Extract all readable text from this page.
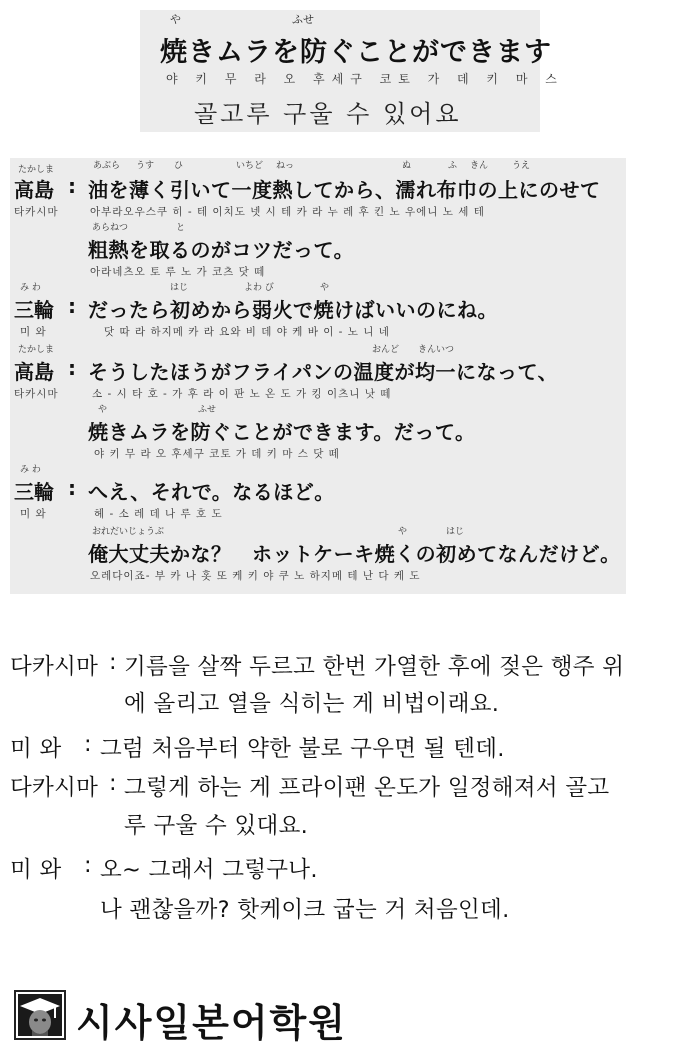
や	ふせ
焼きムラを防ぐことができます
야 키 무 라 오 후세구 코토 가 데 키 마 스
골고루 구울 수 있어요
たかしま	あぶら うす ひ	いちど ねっ	ぬ	ふ きん	うえ
高島 : 油を薄く引いて一度熱してから、濡れ布巾の上にのせて
타카시마	아부라오우스쿠 히 - 테 이치도 넷 시 테 카 라 누 레 후 킨 노 우에니 노 세 테
あらねつ	と
粗熱を取るのがコツだって。
아라네츠오 토 루 노 가 코츠 닷 떼
み わ	はじ	よわ び	や
三輪 : だったら初めから弱火で焼けばいいのにね。
미 와	닷 따 라 하지메 카 라 요와 비 데 야 케 바 이 - 노 니 네
たかしま	おんど きんいつ
高島 : そうしたほうがフライパンの温度が均一になって、
타카시마	소 - 시 타 호 - 가 후 라 이 판 노 온 도 가 킹 이츠니 낫 떼
や	ふせ
焼きムラを防ぐことができます。だって。
야 키 무 라 오 후세구 코토 가 데 키 마 스 닷 떼
み わ
三輪 : へえ、それで。なるほど。
미 와	헤 - 소 레 데 나 루 호 도
おれだいじょうぶ	や	はじ
俺大丈夫かな？　ホットケーキ焼くの初めてなんだけど。
오레다이죠- 부 카 나 홋 또 케 키 야 쿠 노 하지메 테 난 다 케 도
다카시마 : 기름을 살짝 두르고 한번 가열한 후에 젖은 행주 위
에 올리고 열을 식히는 게 비법이래요.
미 와 : 그럼 처음부터 약한 불로 구우면 될 텐데.
다카시마 : 그렇게 하는 게 프라이팬 온도가 일정해져서 골고
루 구울 수 있대요.
미 와 : 오~ 그래서 그렇구나.
나 괜찮을까? 핫케이크 굽는 거 처음인데.
시사일본어학원
